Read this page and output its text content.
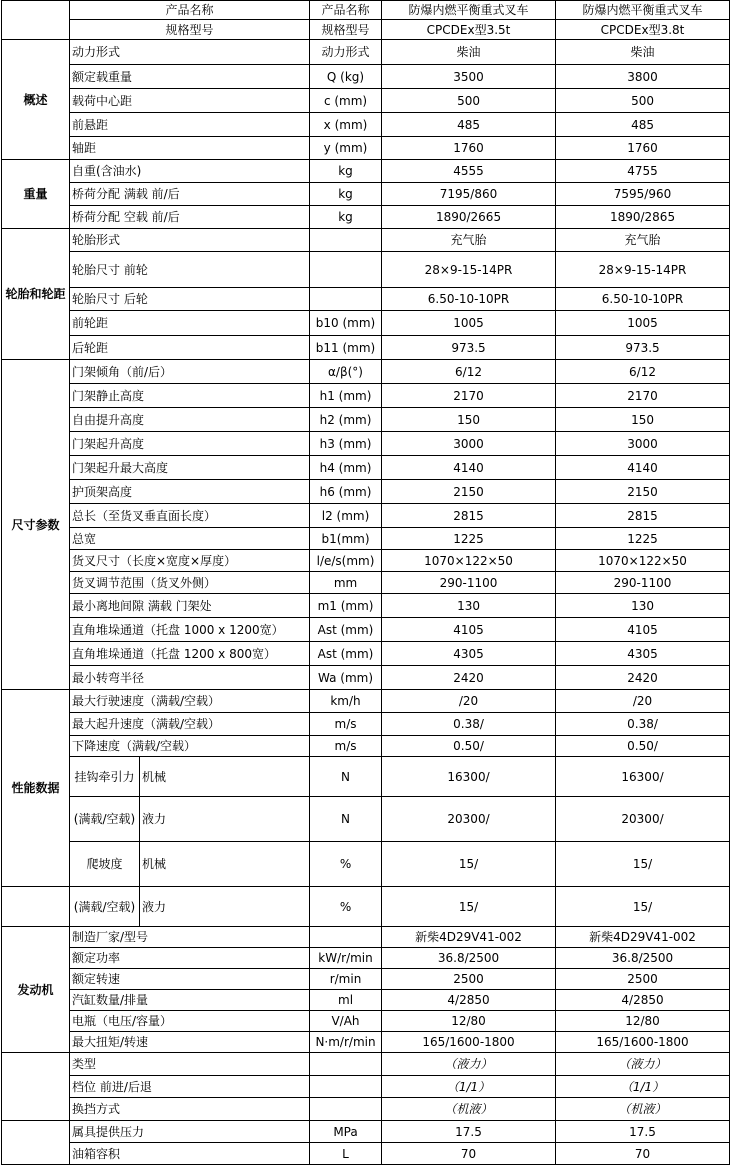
	产品名称		产品名称	防爆内燃平衡重式叉车	防爆内燃平衡重式叉车
	规格型号		规格型号	CPCDEx型3.5t	CPCDEx型3.8t
概述	动力形式		动力形式	柴油	柴油
	额定载重量		Q (kg)	3500	3800
	载荷中心距		c (mm)	500	500
	前悬距		x (mm)	485	485
	轴距		y (mm)	1760	1760
重量	自重(含油水)		kg	4555	4755
	桥荷分配 满载 前/后		kg	7195/860	7595/960
	桥荷分配 空载 前/后		kg	1890/2665	1890/2865
轮胎和轮距	轮胎形式			充气胎	充气胎
	轮胎尺寸 前轮			28×9-15-14PR	28×9-15-14PR
	轮胎尺寸 后轮			6.50-10-10PR	6.50-10-10PR
	前轮距		b10 (mm)	1005	1005
	后轮距		b11 (mm)	973.5	973.5
尺寸参数	门架倾角（前/后）		α/β(°)	6/12	6/12
	门架静止高度		h1 (mm)	2170	2170
	自由提升高度		h2 (mm)	150	150
	门架起升高度		h3 (mm)	3000	3000
	门架起升最大高度		h4 (mm)	4140	4140
	护顶架高度		h6 (mm)	2150	2150
	总长（至货叉垂直面长度）		l2 (mm)	2815	2815
	总宽		b1(mm)	1225	1225
	货叉尺寸（长度×宽度×厚度）		l/e/s(mm)	1070×122×50	1070×122×50
	货叉调节范围（货叉外侧）		mm	290-1100	290-1100
	最小离地间隙 满载 门架处		m1 (mm)	130	130
	直角堆垛通道（托盘 1000 x 1200宽）		Ast (mm)	4105	4105
	直角堆垛通道（托盘 1200 x 800宽）		Ast (mm)	4305	4305
	最小转弯半径		Wa (mm)	2420	2420
性能数据	最大行驶速度（满载/空载）		km/h	/20	/20
	最大起升速度（满载/空载）		m/s	0.38/	0.38/
	下降速度（满载/空载）		m/s	0.50/	0.50/
	挂钩牵引力	机械	N	16300/	16300/
	(满载/空载)	液力	N	20300/	20300/
	爬坡度	机械	%	15/	15/
	(满载/空载)	液力	%	15/	15/
发动机	制造厂家/型号			新柴4D29V41-002	新柴4D29V41-002
	额定功率		kW/r/min	36.8/2500	36.8/2500
	额定转速		r/min	2500	2500
	汽缸数量/排量		ml	4/2850	4/2850
	电瓶（电压/容量）		V/Ah	12/80	12/80
	最大扭矩/转速		N·m/r/min	165/1600-1800	165/1600-1800
	类型			（液力）	（液力）
	档位 前进/后退			（1/1）	（1/1）
	换挡方式			（机液）	（机液）
	属具提供压力		MPa	17.5	17.5
	油箱容积		L	70	70
